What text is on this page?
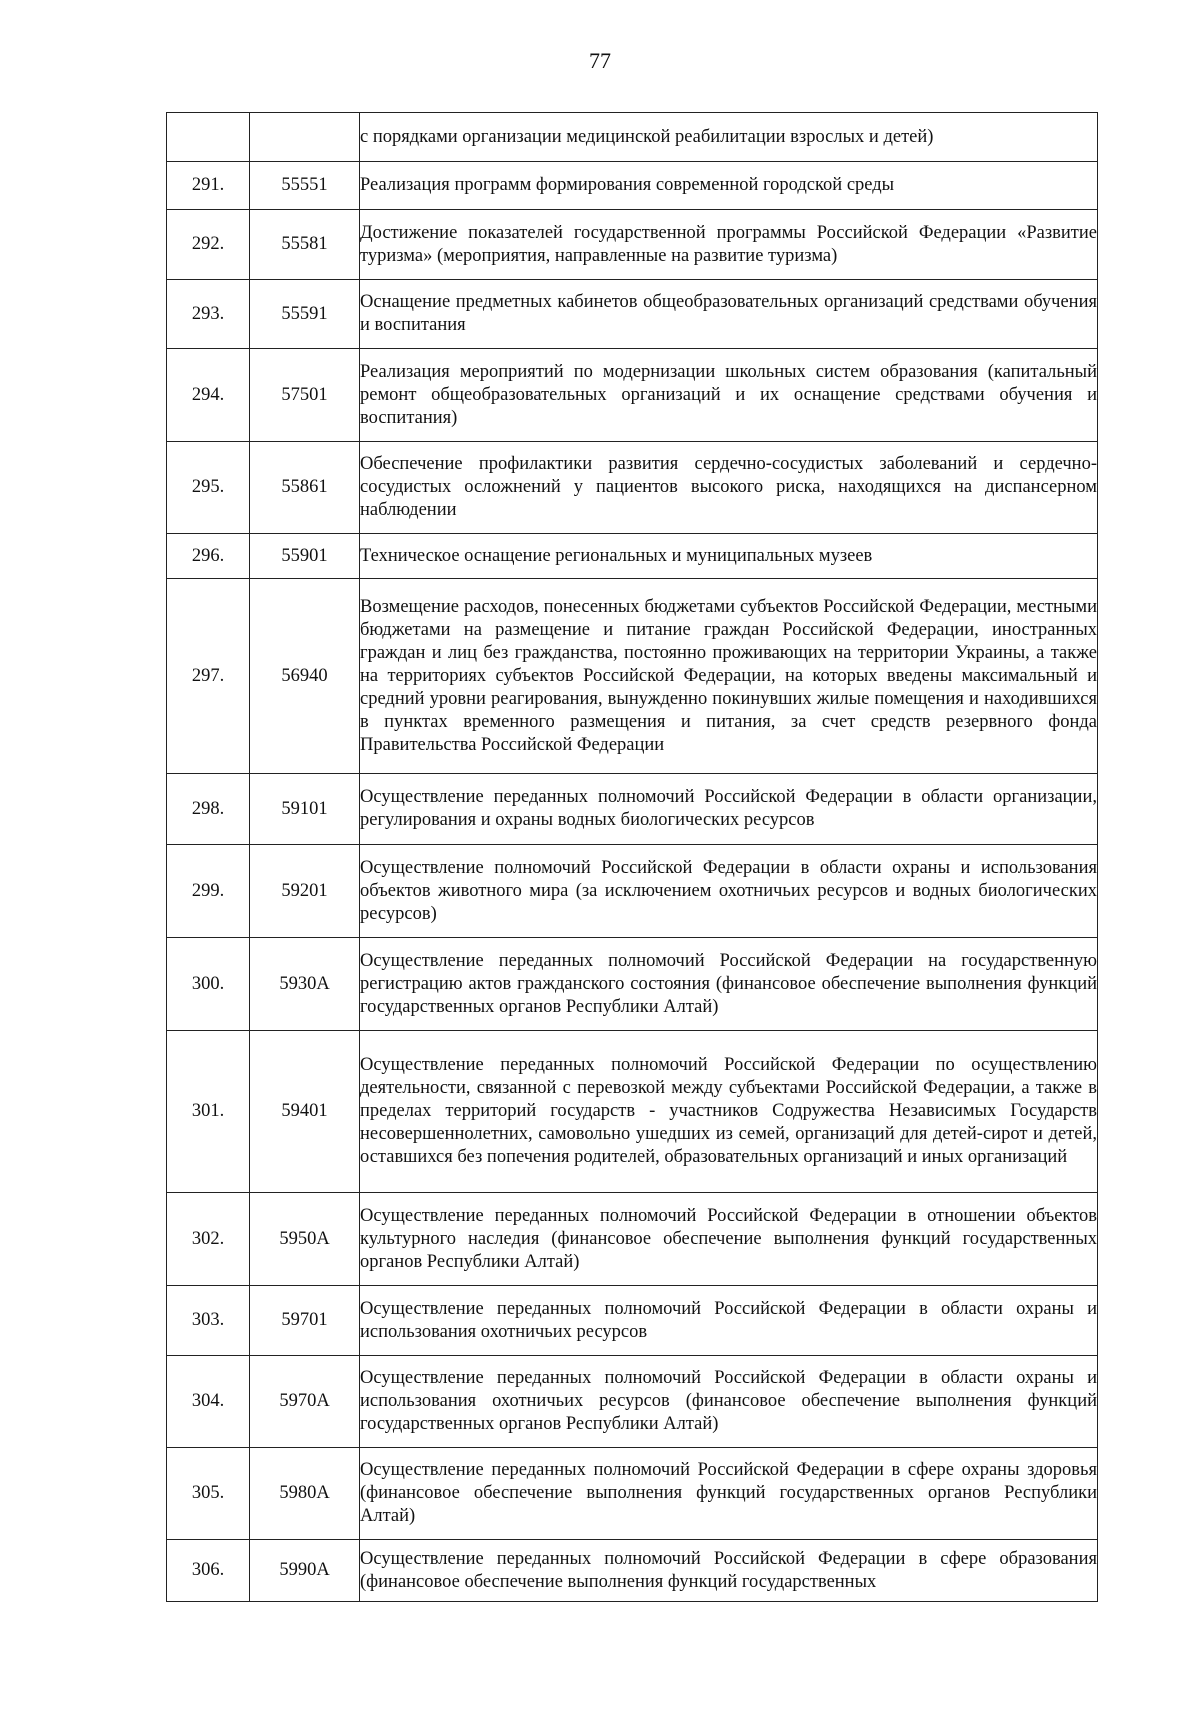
77
		с порядками организации медицинской реабилитации взрослых и детей)
291.	55551	Реализация программ формирования современной городской среды
292.	55581	Достижение показателей государственной программы Российской Федерации «Развитие туризма» (мероприятия, направленные на развитие туризма)
293.	55591	Оснащение предметных кабинетов общеобразовательных организаций средствами обучения и воспитания
294.	57501	Реализация мероприятий по модернизации школьных систем образования (капитальный ремонт общеобразовательных организаций и их оснащение средствами обучения и воспитания)
295.	55861	Обеспечение профилактики развития сердечно-сосудистых заболеваний и сердечно-сосудистых осложнений у пациентов высокого риска, находящихся на диспансерном наблюдении
296.	55901	Техническое оснащение региональных и муниципальных музеев
297.	56940	Возмещение расходов, понесенных бюджетами субъектов Российской Федерации, местными бюджетами на размещение и питание граждан Российской Федерации, иностранных граждан и лиц без гражданства, постоянно проживающих на территории Украины, а также на территориях субъектов Российской Федерации, на которых введены максимальный и средний уровни реагирования, вынужденно покинувших жилые помещения и находившихся в пунктах временного размещения и питания, за счет средств резервного фонда Правительства Российской Федерации
298.	59101	Осуществление переданных полномочий Российской Федерации в области организации, регулирования и охраны водных биологических ресурсов
299.	59201	Осуществление полномочий Российской Федерации в области охраны и использования объектов животного мира (за исключением охотничьих ресурсов и водных биологических ресурсов)
300.	5930А	Осуществление переданных полномочий Российской Федерации на государственную регистрацию актов гражданского состояния (финансовое обеспечение выполнения функций государственных органов Республики Алтай)
301.	59401	Осуществление переданных полномочий Российской Федерации по осуществлению деятельности, связанной с перевозкой между субъектами Российской Федерации, а также в пределах территорий государств - участников Содружества Независимых Государств несовершеннолетних, самовольно ушедших из семей, организаций для детей-сирот и детей, оставшихся без попечения родителей, образовательных организаций и иных организаций
302.	5950А	Осуществление переданных полномочий Российской Федерации в отношении объектов культурного наследия (финансовое обеспечение выполнения функций государственных органов Республики Алтай)
303.	59701	Осуществление переданных полномочий Российской Федерации в области охраны и использования охотничьих ресурсов
304.	5970А	Осуществление переданных полномочий Российской Федерации в области охраны и использования охотничьих ресурсов (финансовое обеспечение выполнения функций государственных органов Республики Алтай)
305.	5980А	Осуществление переданных полномочий Российской Федерации в сфере охраны здоровья (финансовое обеспечение выполнения функций государственных органов Республики Алтай)
306.	5990А	Осуществление переданных полномочий Российской Федерации в сфере образования (финансовое обеспечение выполнения функций государственных
